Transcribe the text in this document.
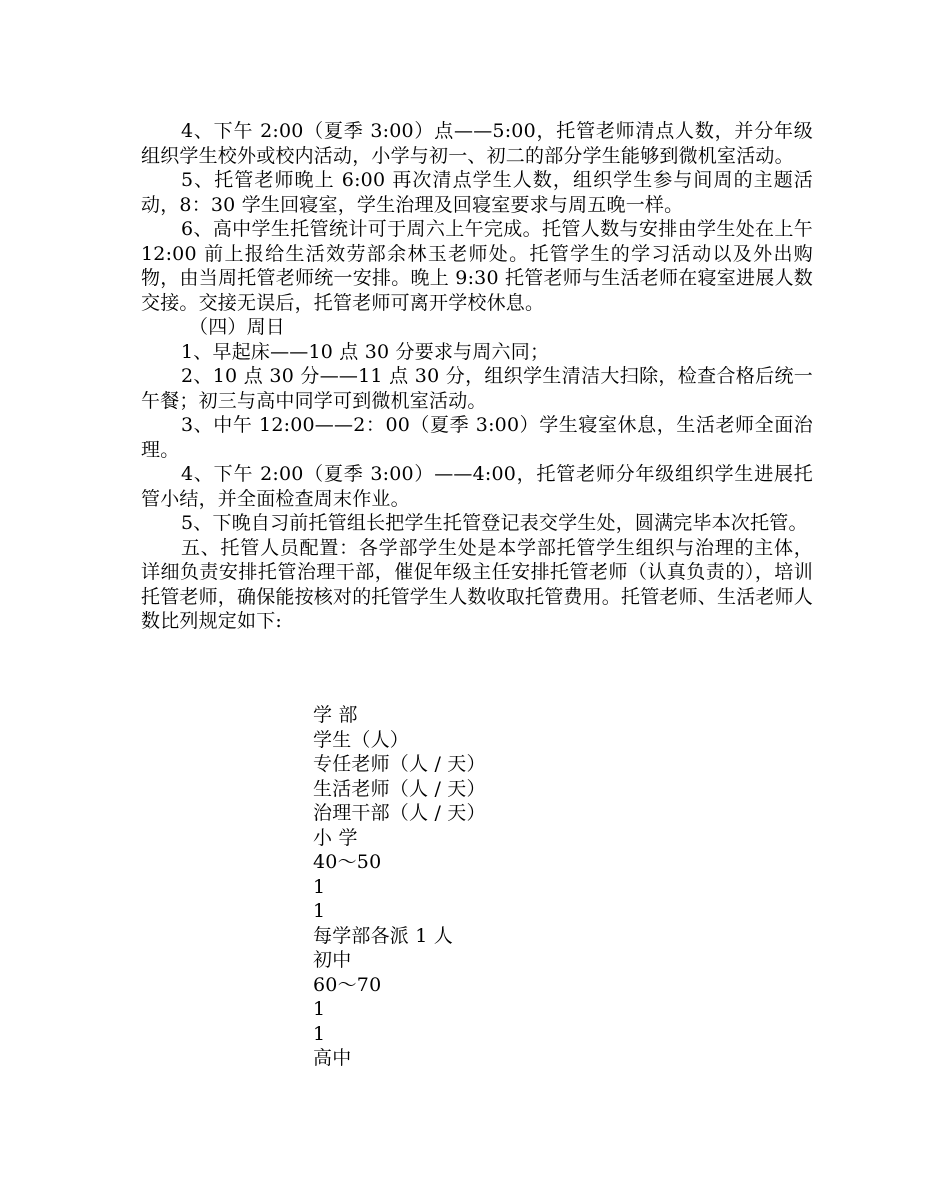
4、下午 2:00（夏季 3:00）点——5:00，托管老师清点人数，并分年级组织学生校外或校内活动，小学与初一、初二的部分学生能够到微机室活动。

5、托管老师晚上 6:00 再次清点学生人数，组织学生参与间周的主题活动，8：30 学生回寝室，学生治理及回寝室要求与周五晚一样。

6、高中学生托管统计可于周六上午完成。托管人数与安排由学生处在上午 12:00 前上报给生活效劳部余林玉老师处。托管学生的学习活动以及外出购物，由当周托管老师统一安排。晚上 9:30 托管老师与生活老师在寝室进展人数交接。交接无误后，托管老师可离开学校休息。

（四）周日

1、早起床——10 点 30 分要求与周六同；

2、10 点 30 分——11 点 30 分，组织学生清洁大扫除，检查合格后统一午餐；初三与高中同学可到微机室活动。

3、中午 12:00——2：00（夏季 3:00）学生寝室休息，生活老师全面治理。

4、下午 2:00（夏季 3:00）——4:00，托管老师分年级组织学生进展托管小结，并全面检查周末作业。

5、下晚自习前托管组长把学生托管登记表交学生处，圆满完毕本次托管。

五、托管人员配置：各学部学生处是本学部托管学生组织与治理的主体，详细负责安排托管治理干部，催促年级主任安排托管老师（认真负责的），培训托管老师，确保能按核对的托管学生人数收取托管费用。托管老师、生活老师人数比列规定如下:

学 部
学生（人）
专任老师（人 / 天）
生活老师（人 / 天）
治理干部（人 / 天）
小 学
40～50
1
1
每学部各派 1 人
初中
60～70
1
1
高中
